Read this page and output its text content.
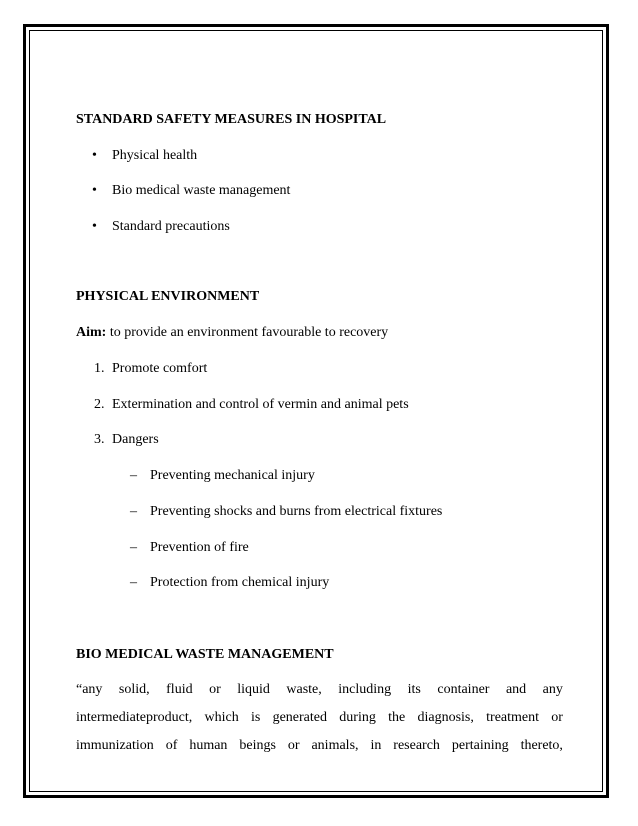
STANDARD SAFETY MEASURES IN HOSPITAL
• Physical health
• Bio medical waste management
• Standard precautions
PHYSICAL ENVIRONMENT
Aim: to provide an environment favourable to recovery
1. Promote comfort
2. Extermination and control of vermin and animal pets
3. Dangers
– Preventing mechanical injury
– Preventing shocks and burns from electrical fixtures
– Prevention of fire
– Protection from chemical injury
BIO MEDICAL WASTE MANAGEMENT
“any solid, fluid or liquid waste, including its container and any
intermediateproduct, which is generated during the diagnosis, treatment or
immunization of human beings or animals, in research pertaining thereto,
